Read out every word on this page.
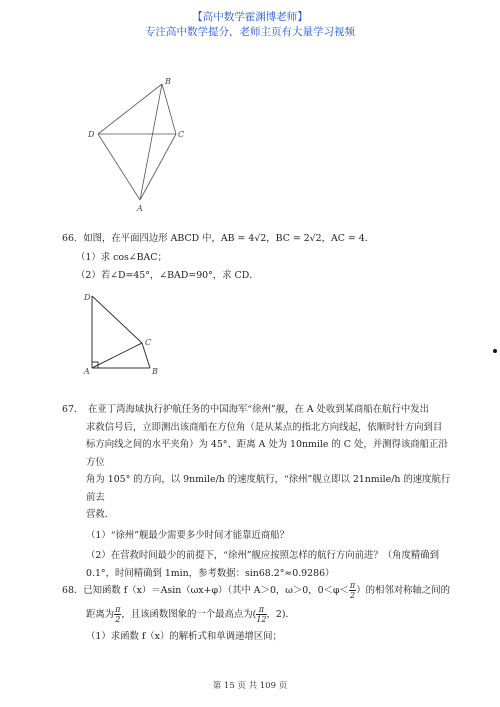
【高中数学霍渊博老师】
专注高中数学提分，老师主页有大量学习视频
B
D	C
A

66．如图，在平面四边形 ABCD 中，AB = 4√2，BC = 2√2，AC = 4．

（1）求 cos∠BAC；

（2）若∠D=45°，∠BAD=90°，求 CD．

D
C
A	B

67．　在亚丁湾海域执行护航任务的中国海军“徐州”舰，在 A 处收到某商船在航行中发出

求救信号后，立即测出该商船在方位角（是从某点的指北方向线起，依顺时针方向到目

标方向线之间的水平夹角）为 45°、距离 A 处为 10nmile 的 C 处，并测得该商船正沿方位

角为 105° 的方向，以 9nmile/h 的速度航行，“徐州”舰立即以 21nmile/h 的速度航行前去

营救．

（1）“徐州”舰最少需要多少时间才能靠近商船？

（2）在营救时间最少的前提下，“徐州”舰应按照怎样的航行方向前进？（角度精确到

0.1°，时间精确到 1min，参考数据：sin68.2°≈0.9286）

68．已知函数 f（x）＝Asin（ωx+φ）（其中 A＞0，ω＞0，$0<\varphi< \frac{\pi}{2}$ ）的相邻对称轴之间的

距离为 $\frac{\pi}{2}$ ，且该函数图象的一个最高点为( $\frac{\pi}{12}$ ，2)．

（1）求函数 f（x）的解析式和单调递增区间；

第 15 页 共 109 页
